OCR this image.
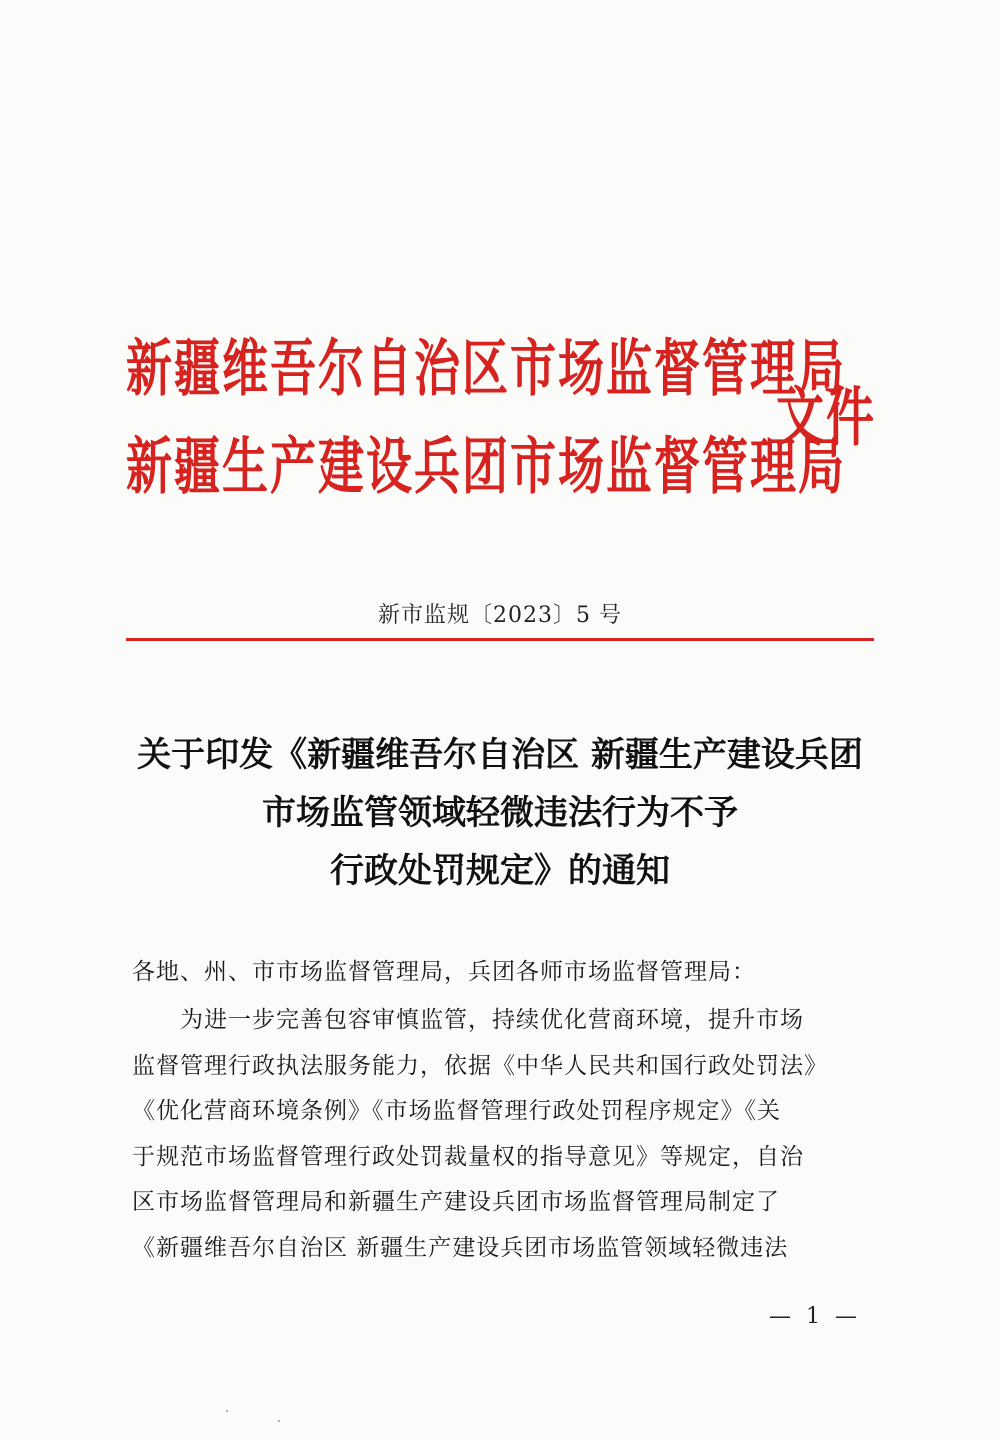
新疆维吾尔自治区市场监督管理局
新疆生产建设兵团市场监督管理局
文件
新市监规〔2023〕5 号
关于印发《新疆维吾尔自治区 新疆生产建设兵团
市场监管领域轻微违法行为不予
行政处罚规定》的通知
各地、州、市市场监督管理局，兵团各师市场监督管理局：
为进一步完善包容审慎监管，持续优化营商环境，提升市场
监督管理行政执法服务能力，依据《中华人民共和国行政处罚法》
《优化营商环境条例》《市场监督管理行政处罚程序规定》《关
于规范市场监督管理行政处罚裁量权的指导意见》等规定，自治
区市场监督管理局和新疆生产建设兵团市场监督管理局制定了
《新疆维吾尔自治区 新疆生产建设兵团市场监管领域轻微违法
— 1 —
